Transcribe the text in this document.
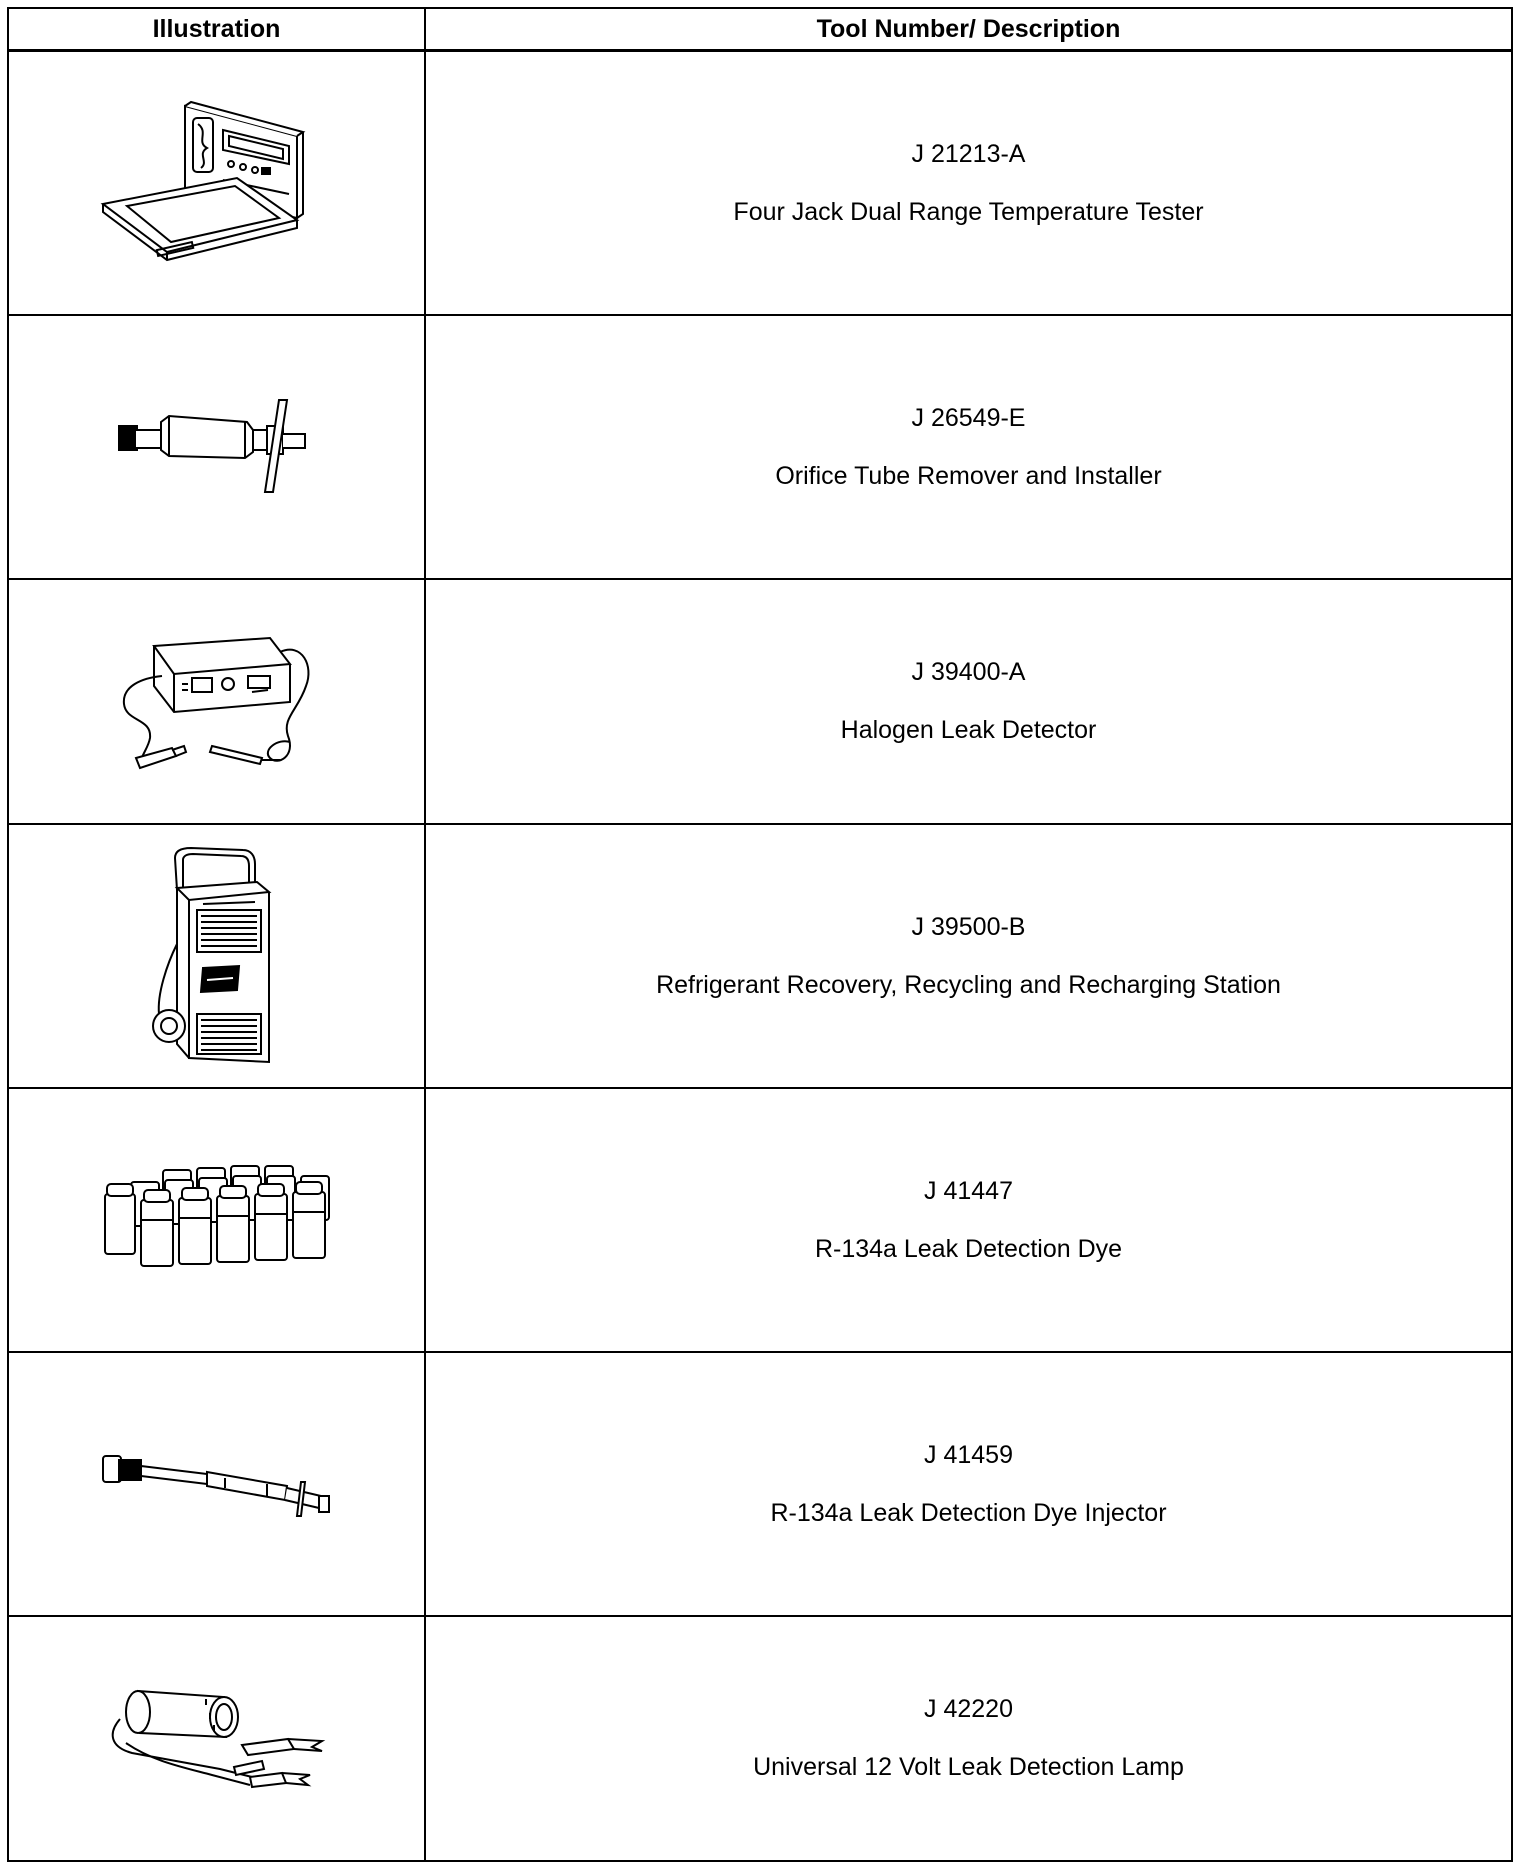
Illustration	Tool Number/ Description

J 21213-A
Four Jack Dual Range Temperature Tester

J 26549-E
Orifice Tube Remover and Installer

J 39400-A
Halogen Leak Detector

J 39500-B
Refrigerant Recovery, Recycling and Recharging Station

J 41447
R-134a Leak Detection Dye

J 41459
R-134a Leak Detection Dye Injector

J 42220
Universal 12 Volt Leak Detection Lamp
